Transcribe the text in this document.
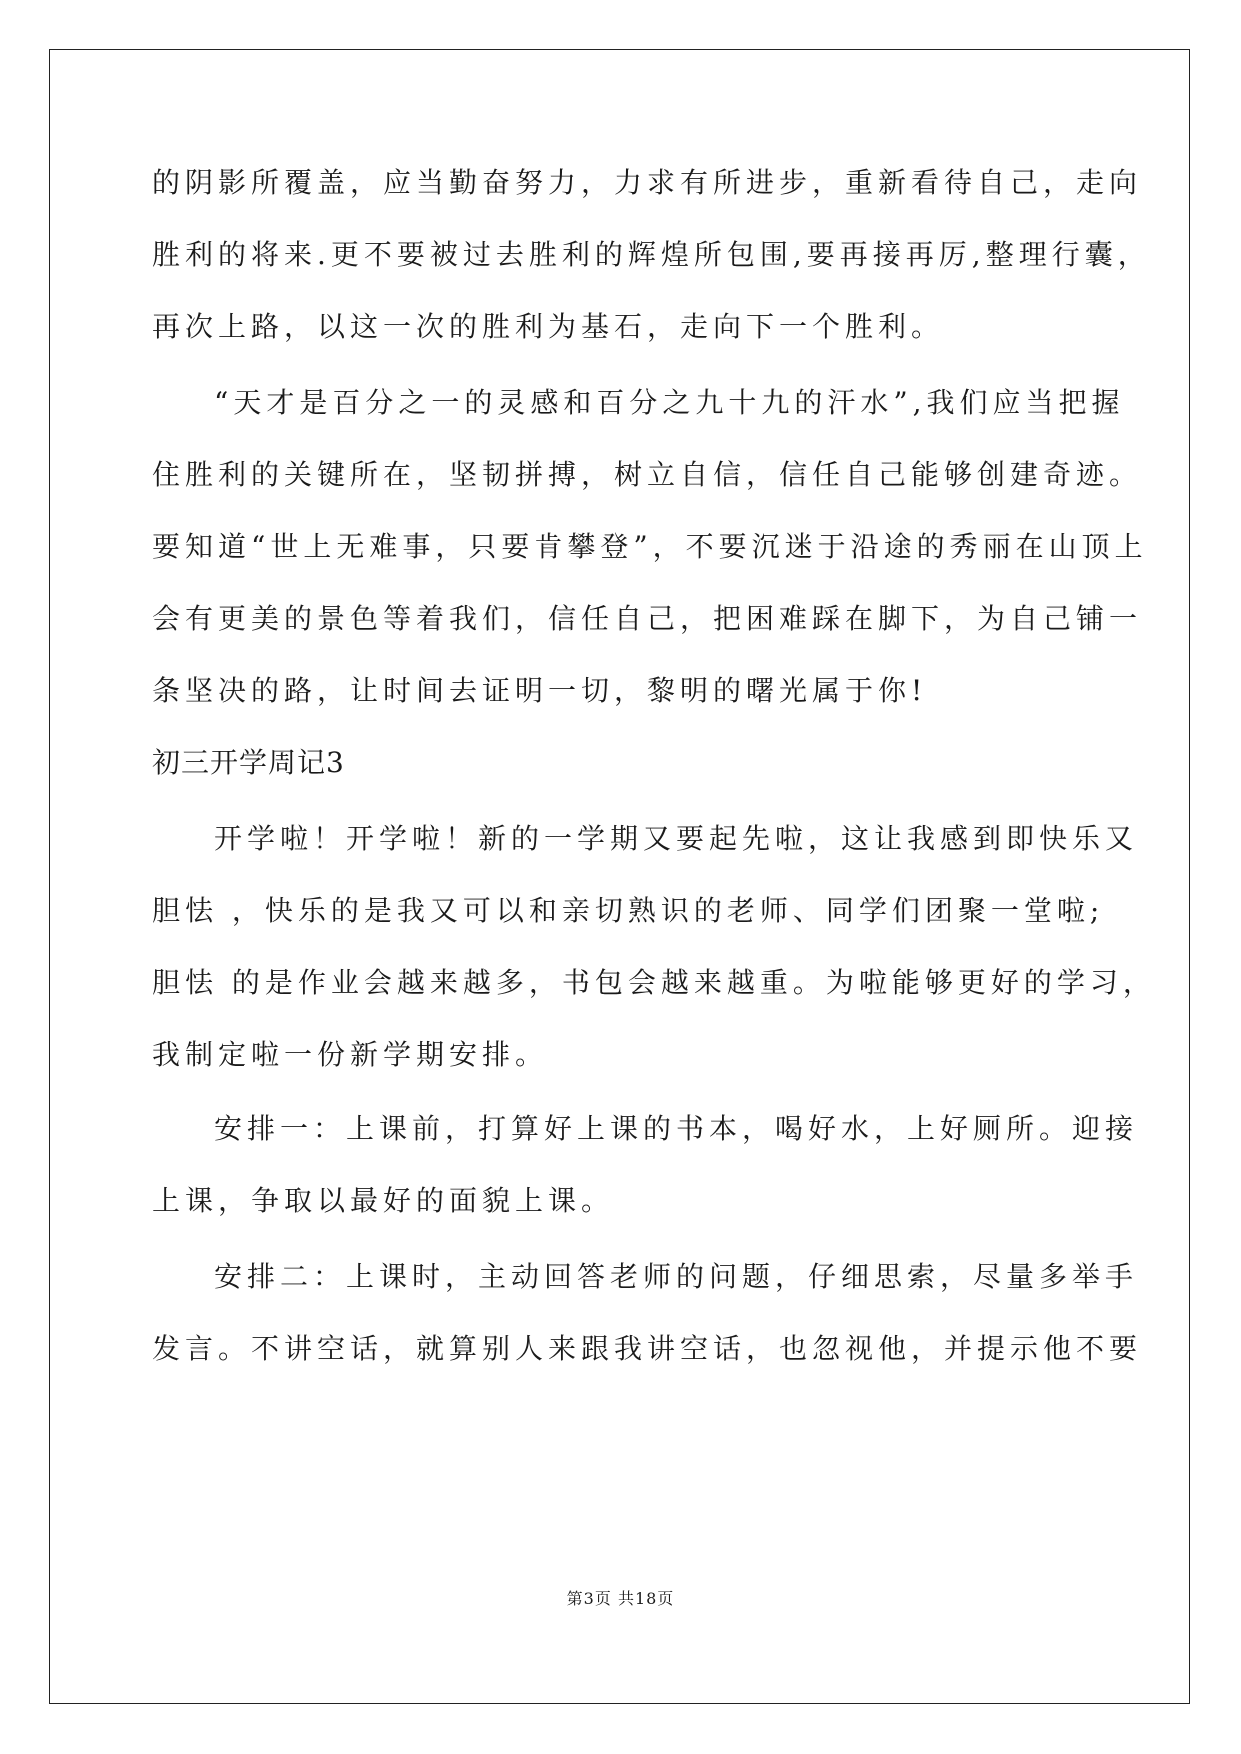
的阴影所覆盖，应当勤奋努力，力求有所进步，重新看待自己，走向
胜利的将来.更不要被过去胜利的辉煌所包围,要再接再厉,整理行囊，
再次上路，以这一次的胜利为基石，走向下一个胜利。
“天才是百分之一的灵感和百分之九十九的汗水”,我们应当把握
住胜利的关键所在，坚韧拼搏，树立自信，信任自己能够创建奇迹。
要知道“世上无难事，只要肯攀登”，不要沉迷于沿途的秀丽在山顶上
会有更美的景色等着我们，信任自己，把困难踩在脚下，为自己铺一
条坚决的路，让时间去证明一切，黎明的曙光属于你!
初三开学周记3
开学啦！开学啦！新的一学期又要起先啦，这让我感到即快乐又
胆怯 ，快乐的是我又可以和亲切熟识的老师、同学们团聚一堂啦;
胆怯 的是作业会越来越多，书包会越来越重。为啦能够更好的学习，
我制定啦一份新学期安排。
安排一：上课前，打算好上课的书本，喝好水，上好厕所。迎接
上课，争取以最好的面貌上课。
安排二：上课时，主动回答老师的问题，仔细思索，尽量多举手
发言。不讲空话，就算别人来跟我讲空话，也忽视他，并提示他不要
第3页 共18页
